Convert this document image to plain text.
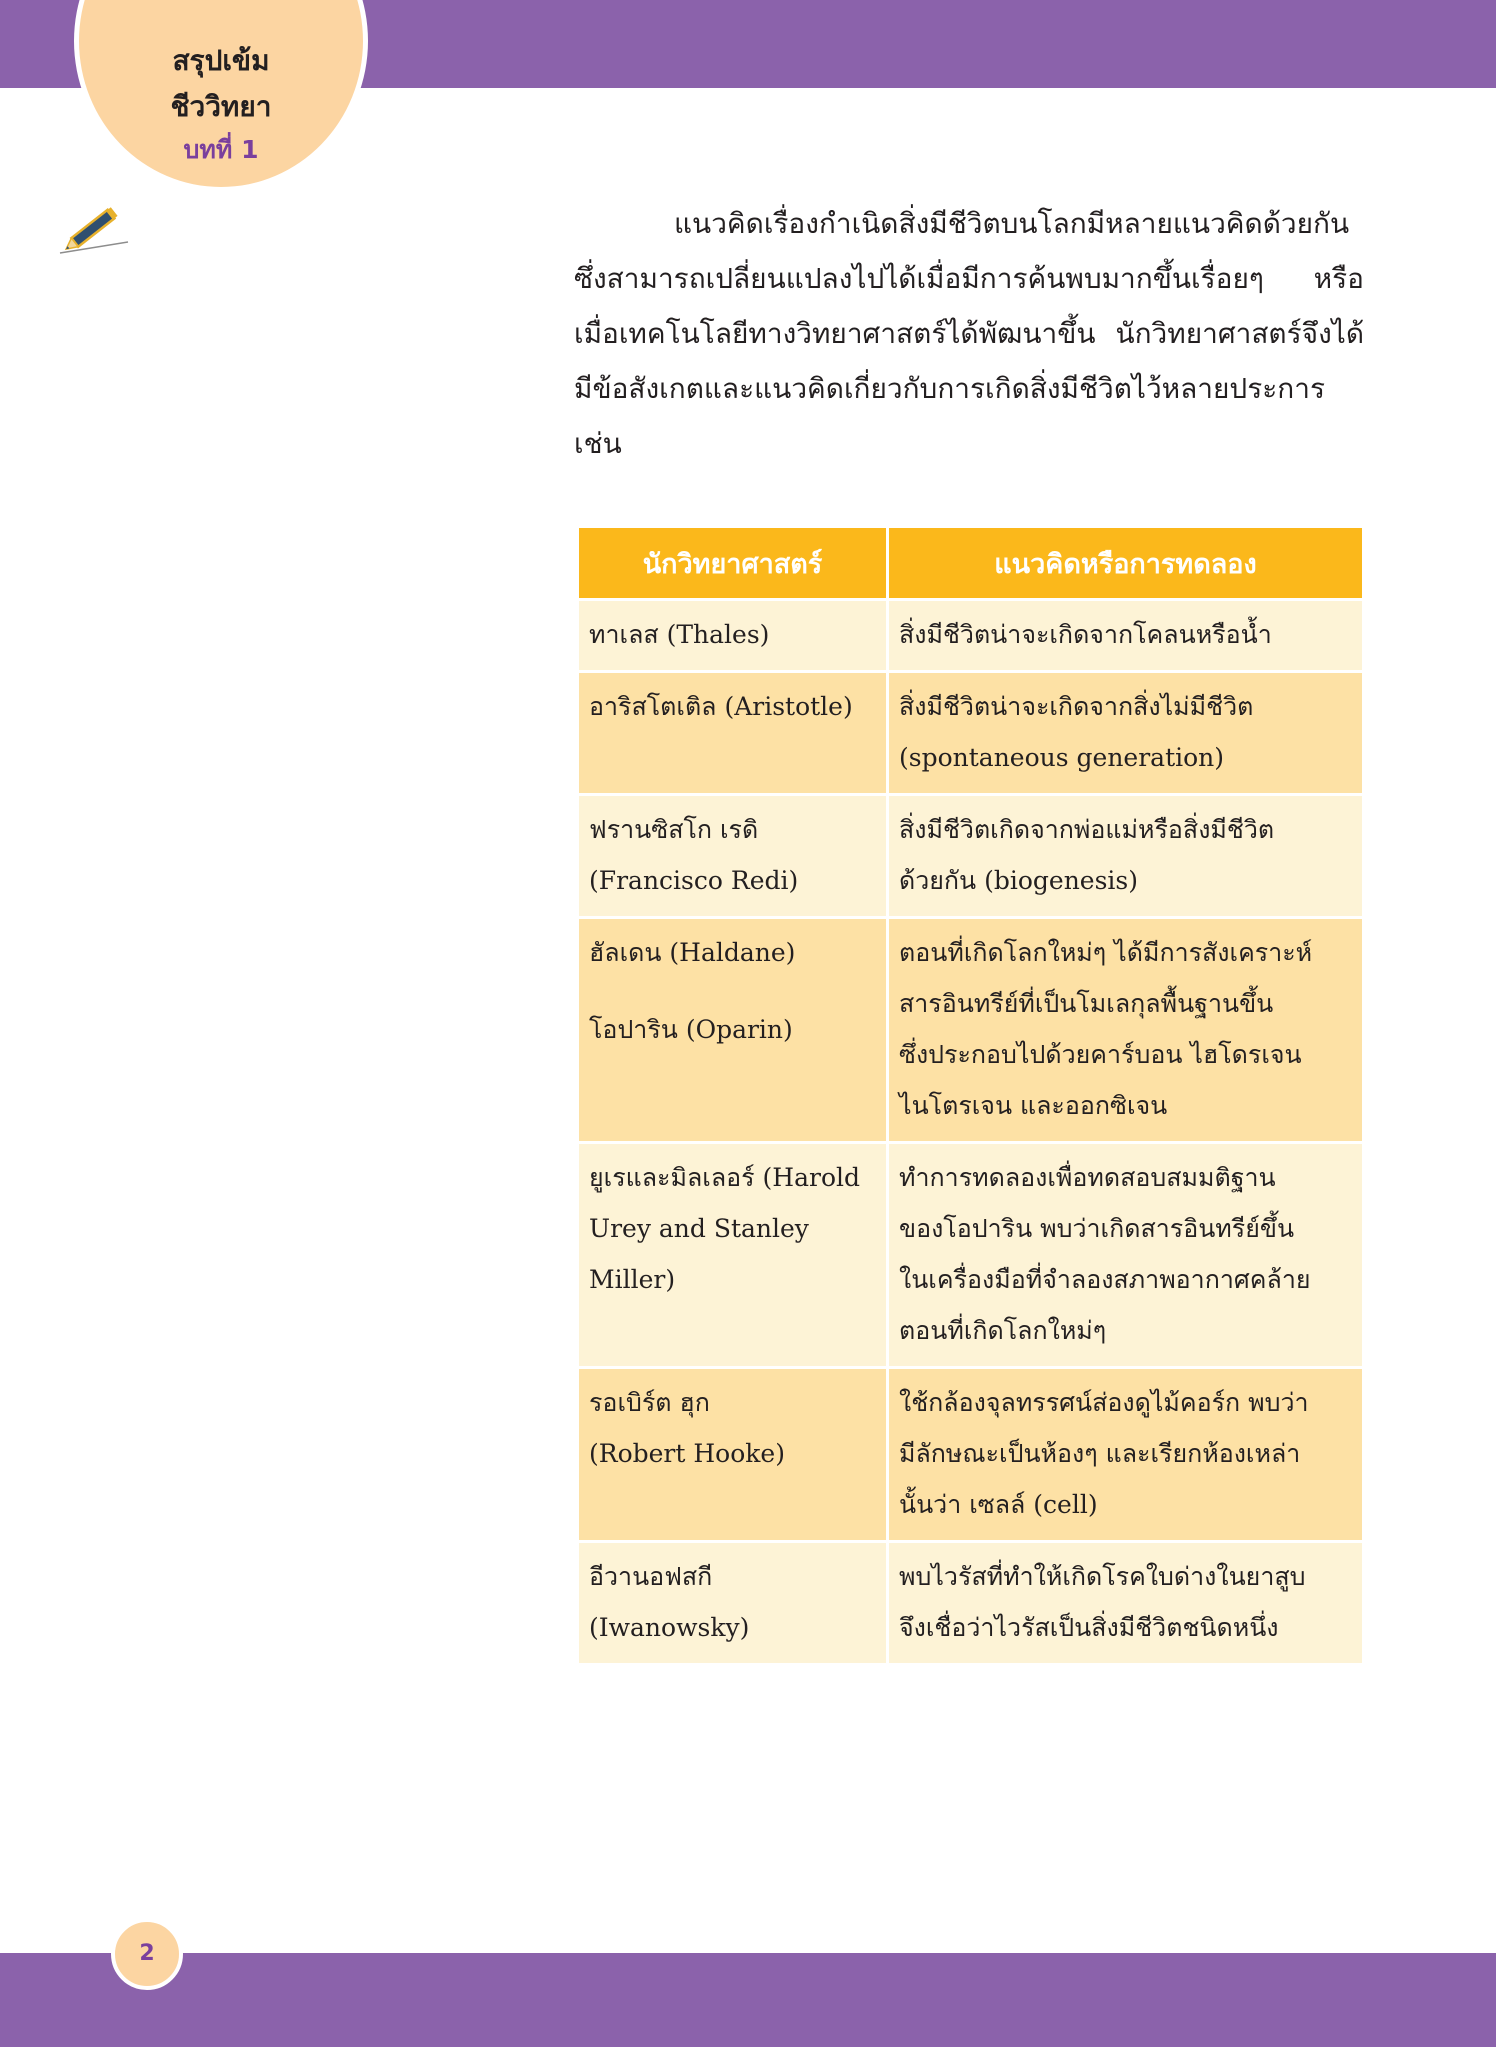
สรุปเข้ม
ชีววิทยา
บทที่ 1

แนวคิดเรื่องกำเนิดสิ่งมีชีวิตบนโลกมีหลายแนวคิดด้วยกัน ซึ่งสามารถเปลี่ยนแปลงไปได้เมื่อมีการค้นพบมากขึ้นเรื่อยๆ หรือเมื่อเทคโนโลยีทางวิทยาศาสตร์ได้พัฒนาขึ้น นักวิทยาศาสตร์จึงได้มีข้อสังเกตและแนวคิดเกี่ยวกับการเกิดสิ่งมีชีวิตไว้หลายประการ เช่น

นักวิทยาศาสตร์	แนวคิดหรือการทดลอง

ทาเลส (Thales)	สิ่งมีชีวิตน่าจะเกิดจากโคลนหรือน้ำ

อาริสโตเติล (Aristotle)	สิ่งมีชีวิตน่าจะเกิดจากสิ่งไม่มีชีวิต
(spontaneous generation)

ฟรานซิสโก เรดิ
(Francisco Redi)	สิ่งมีชีวิตเกิดจากพ่อแม่หรือสิ่งมีชีวิต
ด้วยกัน (biogenesis)

ฮัลเดน (Haldane)
โอปาริน (Oparin)	ตอนที่เกิดโลกใหม่ๆ ได้มีการสังเคราะห์
สารอินทรีย์ที่เป็นโมเลกุลพื้นฐานขึ้น
ซึ่งประกอบไปด้วยคาร์บอน ไฮโดรเจน
ไนโตรเจน และออกซิเจน

ยูเรและมิลเลอร์ (Harold
Urey and Stanley Miller)	ทำการทดลองเพื่อทดสอบสมมติฐาน
ของโอปาริน พบว่าเกิดสารอินทรีย์ขึ้น
ในเครื่องมือที่จำลองสภาพอากาศคล้าย
ตอนที่เกิดโลกใหม่ๆ

รอเบิร์ต ฮุก
(Robert Hooke)	ใช้กล้องจุลทรรศน์ส่องดูไม้คอร์ก พบว่า
มีลักษณะเป็นห้องๆ และเรียกห้องเหล่า
นั้นว่า เซลล์ (cell)

อีวานอฟสกี (Iwanowsky)	พบไวรัสที่ทำให้เกิดโรคใบด่างในยาสูบ
จึงเชื่อว่าไวรัสเป็นสิ่งมีชีวิตชนิดหนึ่ง
2
